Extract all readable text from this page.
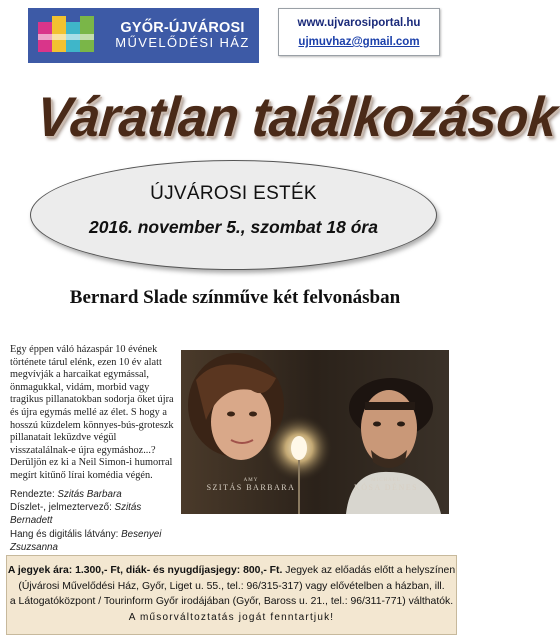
GYŐR-ÚJVÁROSI
MŰVELŐDÉSI HÁZ
www.ujvarosiportal.hu
ujmuvhaz@gmail.com
Váratlan találkozások
ÚJVÁROSI ESTÉK
2016. november 5., szombat 18 óra
Bernard Slade színműve két felvonásban
Egy éppen váló házaspár 10 évének története tárul elénk, ezen 10 év alatt megvívják a harcaikat egymással, önmagukkal, vidám, morbid vagy tragikus pillanatokban sodorja őket újra és újra egymás mellé az élet. S hogy a hosszú küzdelem könnyes-bús-groteszk pillanatait leküzdve végül visszatalálnak-e újra egymáshoz...? Derüljön ez ki a Neil Simon-i humorral megírt kitűnő lírai komédia végén.
Rendezte: Szitás Barbara
Díszlet-, jelmeztervező: Szitás Bernadett
Hang és digitális látvány: Besenyei Zsuzsanna
AMY
SZITÁS BARBARA
MICHAEL
KÓSA DÉNES
A jegyek ára: 1.300,- Ft, diák- és nyugdíjasjegy: 800,- Ft. Jegyek az előadás előtt a helyszínen
(Újvárosi Művelődési Ház, Győr, Liget u. 55., tel.: 96/315-317) vagy elővételben a házban, ill.
a Látogatóközpont / Tourinform Győr irodájában (Győr, Baross u. 21., tel.: 96/311-771) válthatók.
A műsorváltoztatás jogát fenntartjuk!
